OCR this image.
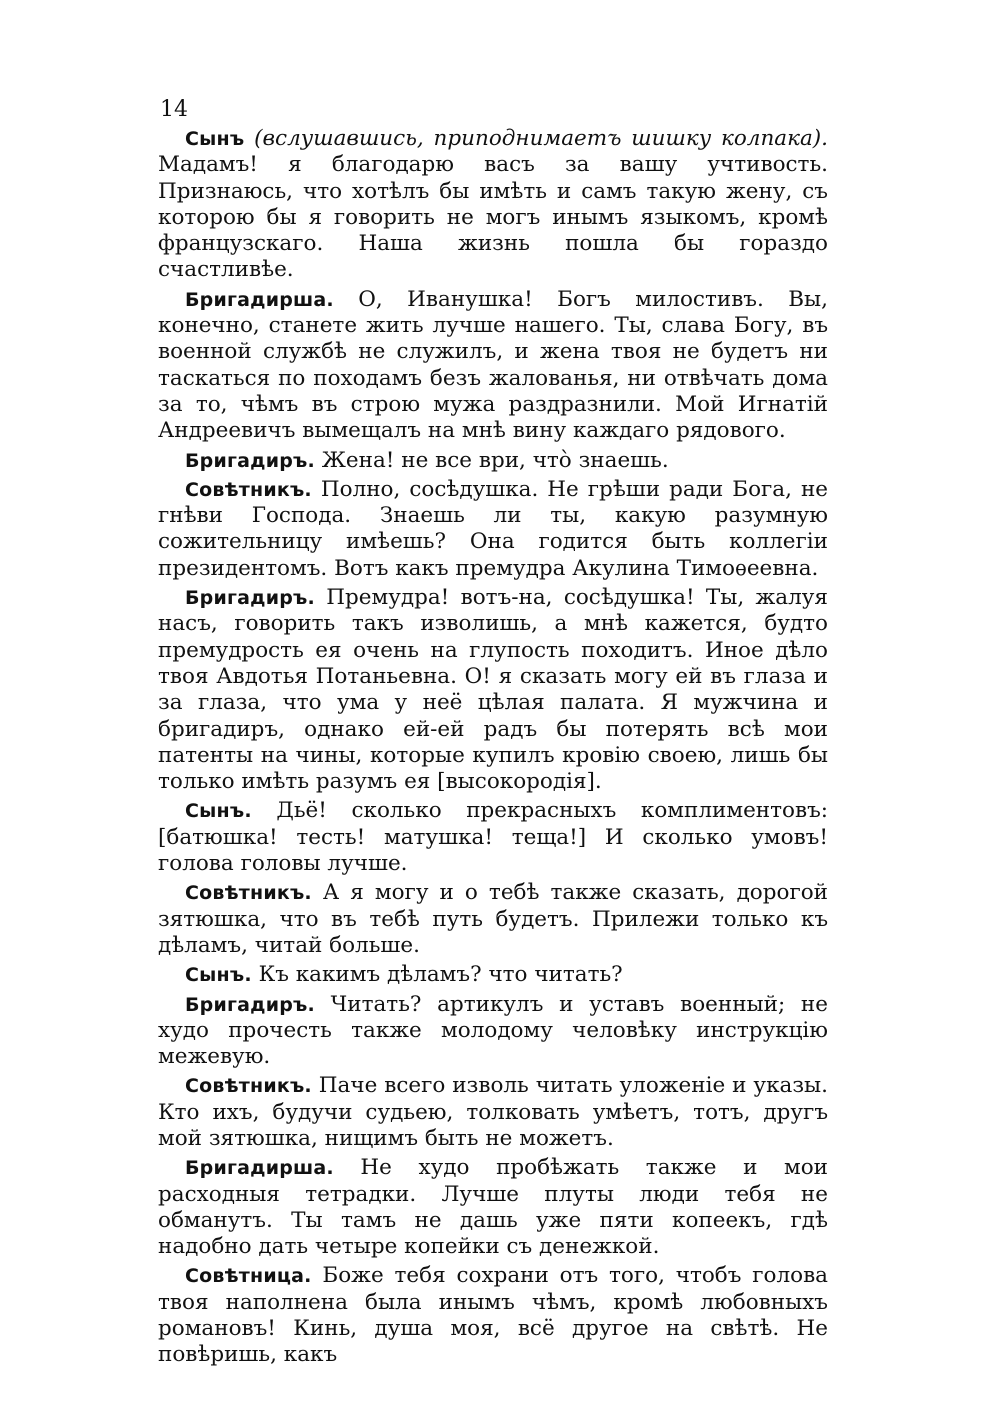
14

Сынъ (вслушавшись, приподнимаетъ шишку колпака). Мадамъ! я благодарю васъ за вашу учтивость. Признаюсь, что хотѣлъ бы имѣть и самъ такую жену, съ которою бы я говорить не могъ инымъ языкомъ, кромѣ французскаго. Наша жизнь пошла бы гораздо счастливѣе.

Бригадирша. О, Иванушка! Богъ милостивъ. Вы, конечно, станете жить лучше нашего. Ты, слава Богу, въ военной службѣ не служилъ, и жена твоя не будетъ ни таскаться по походамъ безъ жалованья, ни отвѣчать дома за то, чѣмъ въ строю мужа раздразнили. Мой Игнатій Андреевичъ вымещалъ на мнѣ вину каждаго рядового.

Бригадиръ. Жена! не все ври, что̀ знаешь.

Совѣтникъ. Полно, сосѣдушка. Не грѣши ради Бога, не гнѣви Господа. Знаешь ли ты, какую разумную сожительницу имѣешь? Она годится быть коллегіи президентомъ. Вотъ какъ премудра Акулина Тимоѳеевна.

Бригадиръ. Премудра! вотъ-на, сосѣдушка! Ты, жалуя насъ, говорить такъ изволишь, а мнѣ кажется, будто премудрость ея очень на глупость походитъ. Иное дѣло твоя Авдотья Потаньевна. О! я сказать могу ей въ глаза и за глаза, что ума у неё цѣлая палата. Я мужчина и бригадиръ, однако ей-ей радъ бы потерять всѣ мои патенты на чины, которые купилъ кровію своею, лишь бы только имѣть разумъ ея [высокородія].

Сынъ. Дьё! сколько прекрасныхъ комплиментовъ: [батюшка! тесть! матушка! теща!] И сколько умовъ! голова головы лучше.

Совѣтникъ. А я могу и о тебѣ также сказать, дорогой зятюшка, что въ тебѣ путь будетъ. Прилежи только къ дѣламъ, читай больше.

Сынъ. Къ какимъ дѣламъ? что читать?

Бригадиръ. Читать? артикулъ и уставъ военный; не худо прочесть также молодому человѣку инструкцію межевую.

Совѣтникъ. Паче всего изволь читать уложеніе и указы. Кто ихъ, будучи судьею, толковать умѣетъ, тотъ, другъ мой зятюшка, нищимъ быть не можетъ.

Бригадирша. Не худо пробѣжать также и мои расходныя тетрадки. Лучше плуты люди тебя не обманутъ. Ты тамъ не дашь уже пяти копеекъ, гдѣ надобно дать четыре копейки съ денежкой.

Совѣтница. Боже тебя сохрани отъ того, чтобъ голова твоя наполнена была инымъ чѣмъ, кромѣ любовныхъ романовъ! Кинь, душа моя, всё другое на свѣтѣ. Не повѣришь, какъ
